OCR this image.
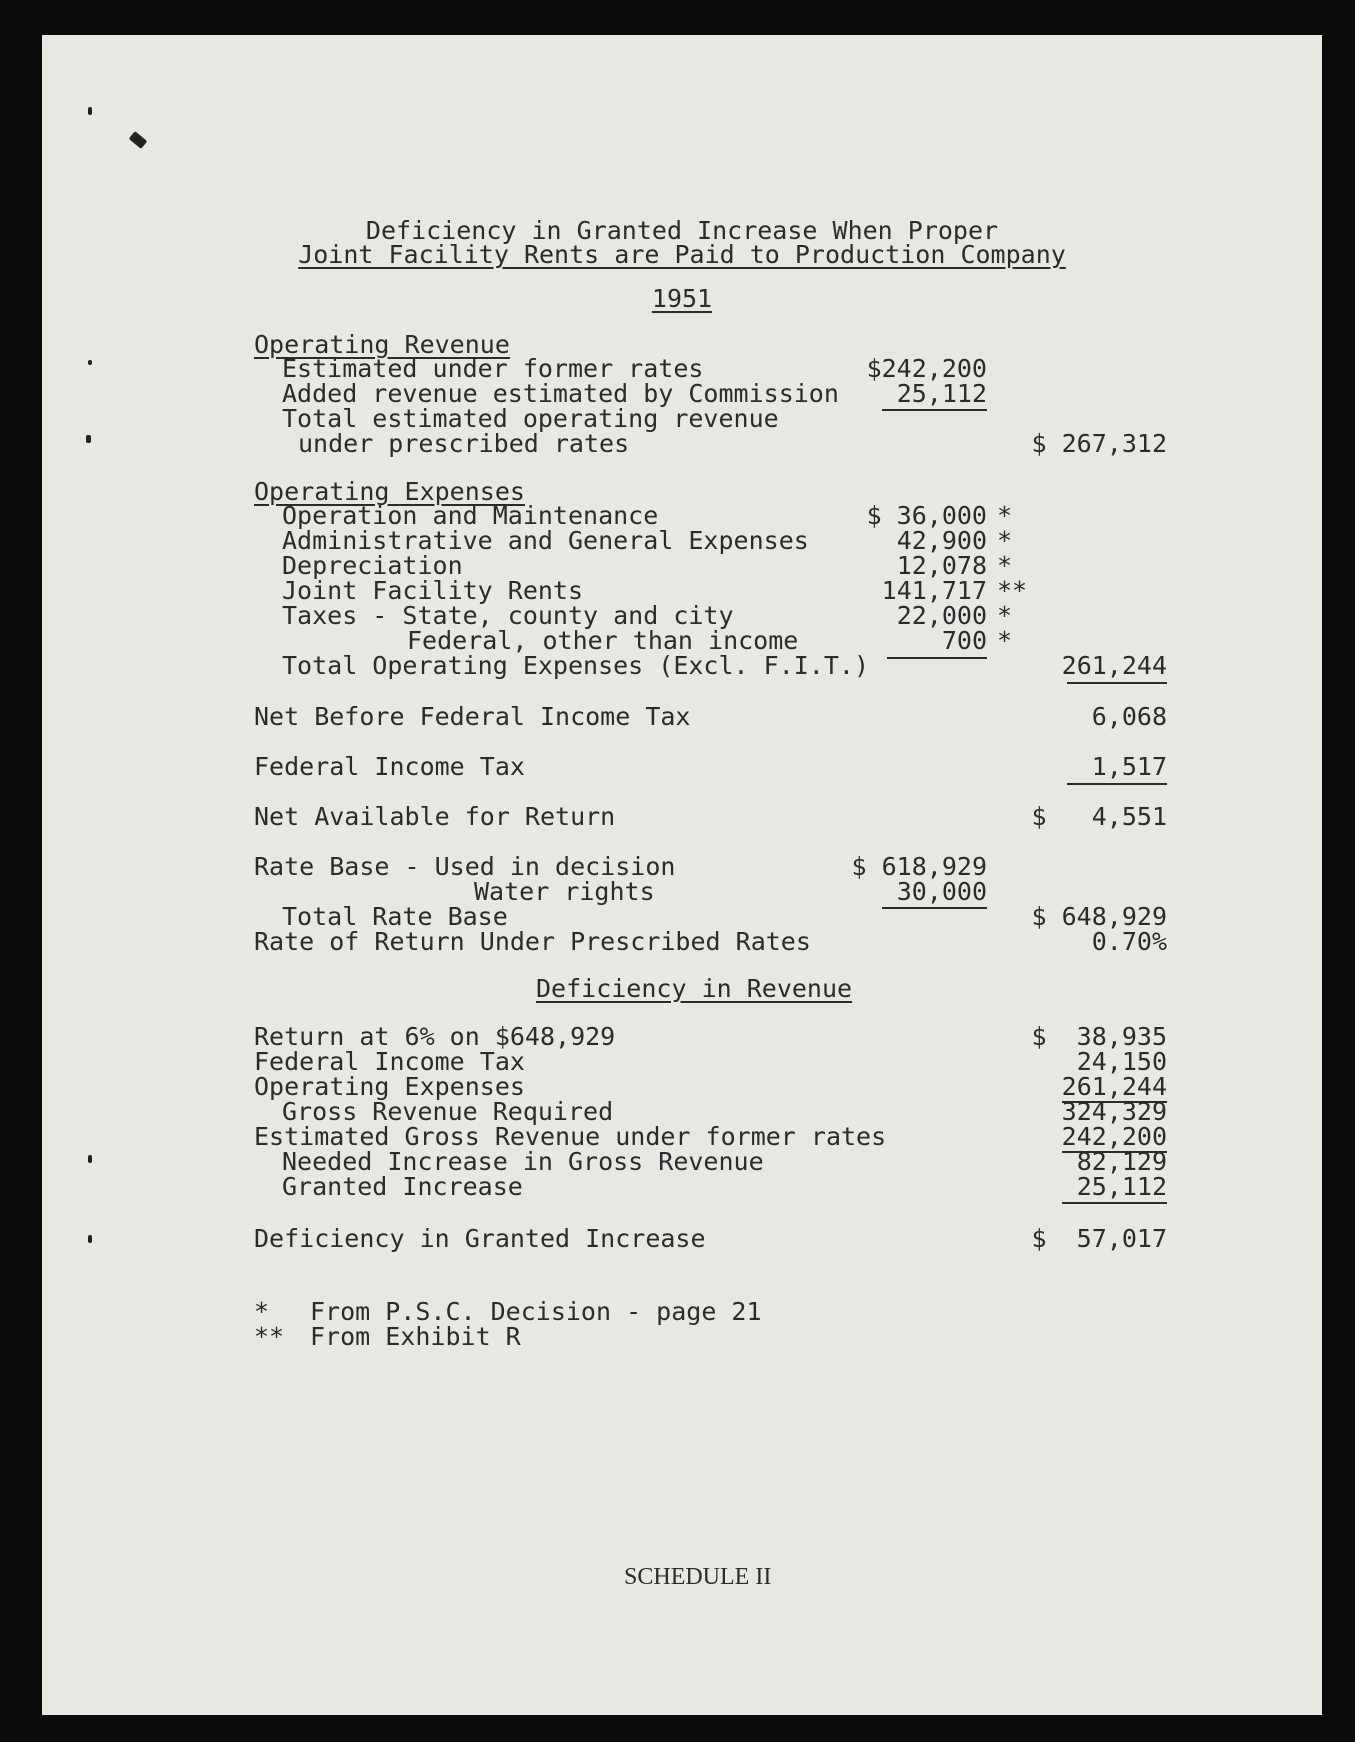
Deficiency in Granted Increase When Proper
Joint Facility Rents are Paid to Production Company
1951
Operating Revenue
Estimated under former rates	$242,200
Added revenue estimated by Commission	25,112
Total estimated operating revenue
under prescribed rates	$ 267,312
Operating Expenses
Operation and Maintenance	$ 36,000 *
Administrative and General Expenses	42,900 *
Depreciation	12,078 *
Joint Facility Rents	141,717 **
Taxes - State, county and city	22,000 *
Federal, other than income	700 *
Total Operating Expenses (Excl. F.I.T.)	261,244
Net Before Federal Income Tax	6,068
Federal Income Tax	1,517
Net Available for Return	$   4,551
Rate Base - Used in decision	$ 618,929
Water rights	30,000
Total Rate Base	$ 648,929
Rate of Return Under Prescribed Rates	0.70%
Deficiency in Revenue
Return at 6% on $648,929	$  38,935
Federal Income Tax	24,150
Operating Expenses	261,244
Gross Revenue Required	324,329
Estimated Gross Revenue under former rates	242,200
Needed Increase in Gross Revenue	82,129
Granted Increase	25,112
Deficiency in Granted Increase	$  57,017
* From P.S.C. Decision - page 21
** From Exhibit R
SCHEDULE II
